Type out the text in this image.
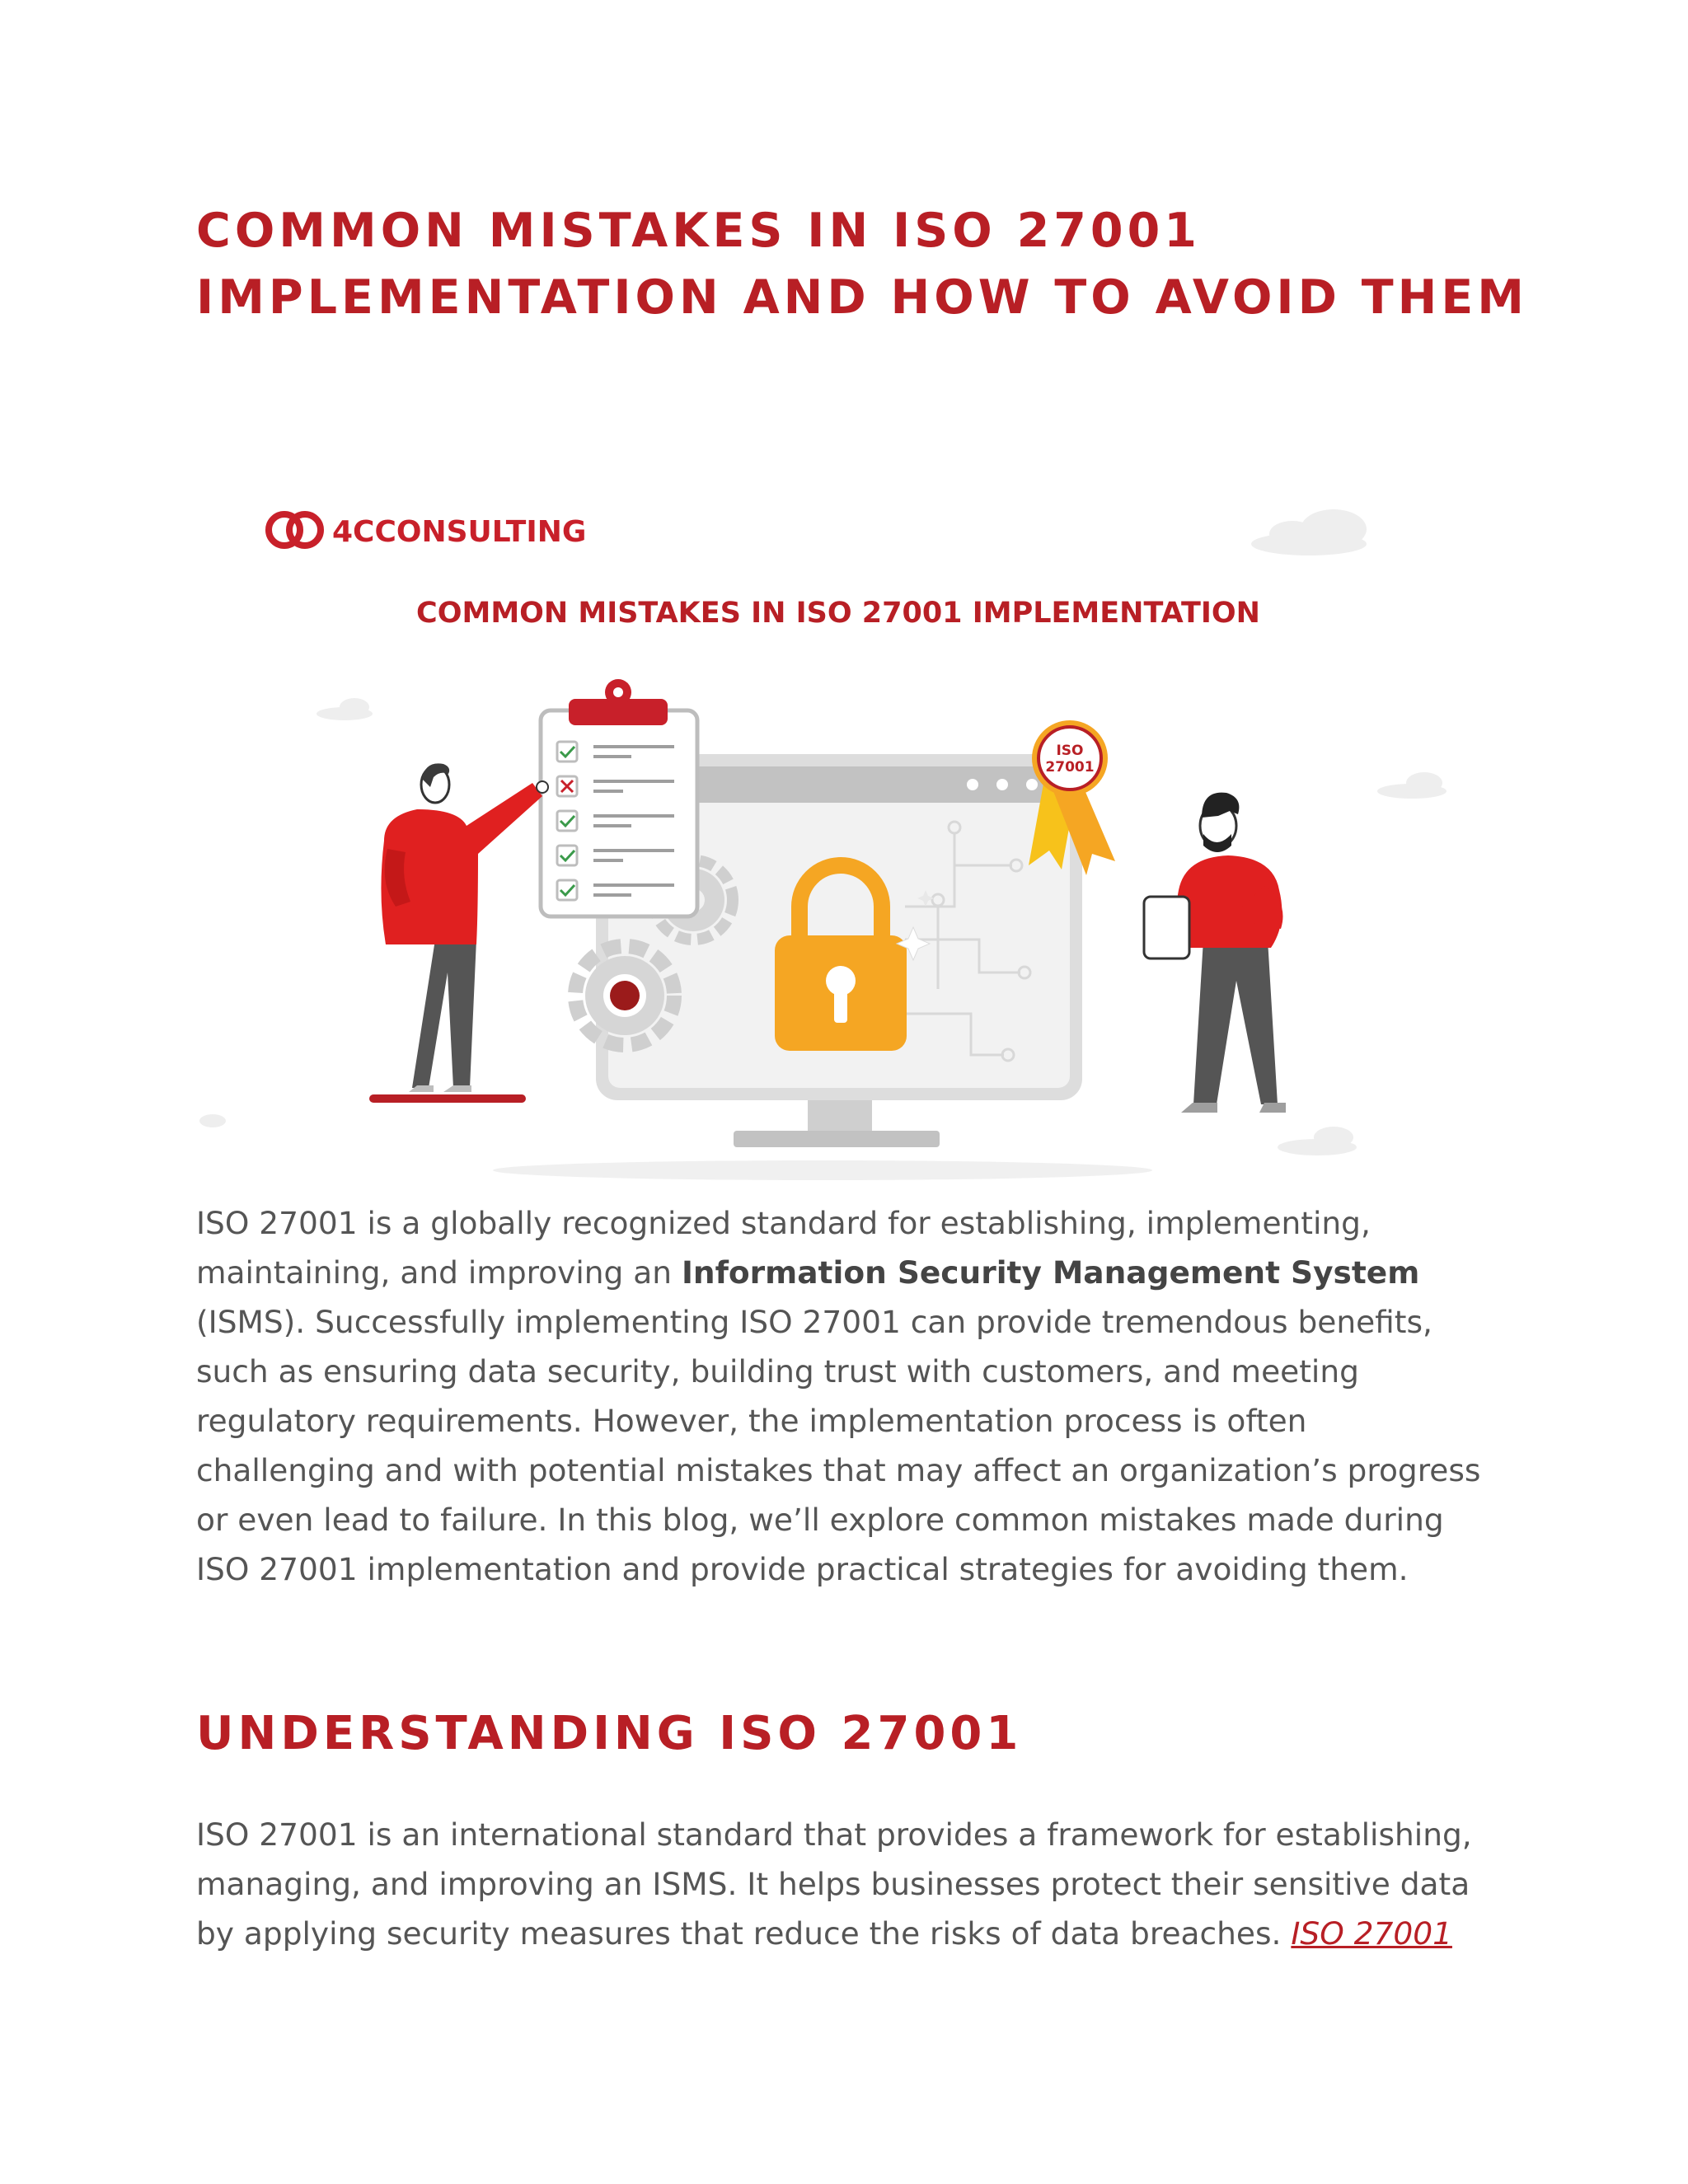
COMMON MISTAKES IN ISO 27001
IMPLEMENTATION AND HOW TO AVOID THEM
4CCONSULTING
COMMON MISTAKES IN ISO 27001 IMPLEMENTATION
ISO
27001

ISO 27001 is a globally recognized standard for establishing, implementing, maintaining, and improving an Information Security Management System (ISMS). Successfully implementing ISO 27001 can provide tremendous benefits, such as ensuring data security, building trust with customers, and meeting regulatory requirements. However, the implementation process is often challenging and with potential mistakes that may affect an organization’s progress or even lead to failure. In this blog, we’ll explore common mistakes made during ISO 27001 implementation and provide practical strategies for avoiding them.

UNDERSTANDING ISO 27001

ISO 27001 is an international standard that provides a framework for establishing, managing, and improving an ISMS. It helps businesses protect their sensitive data by applying security measures that reduce the risks of data breaches. ISO 27001
